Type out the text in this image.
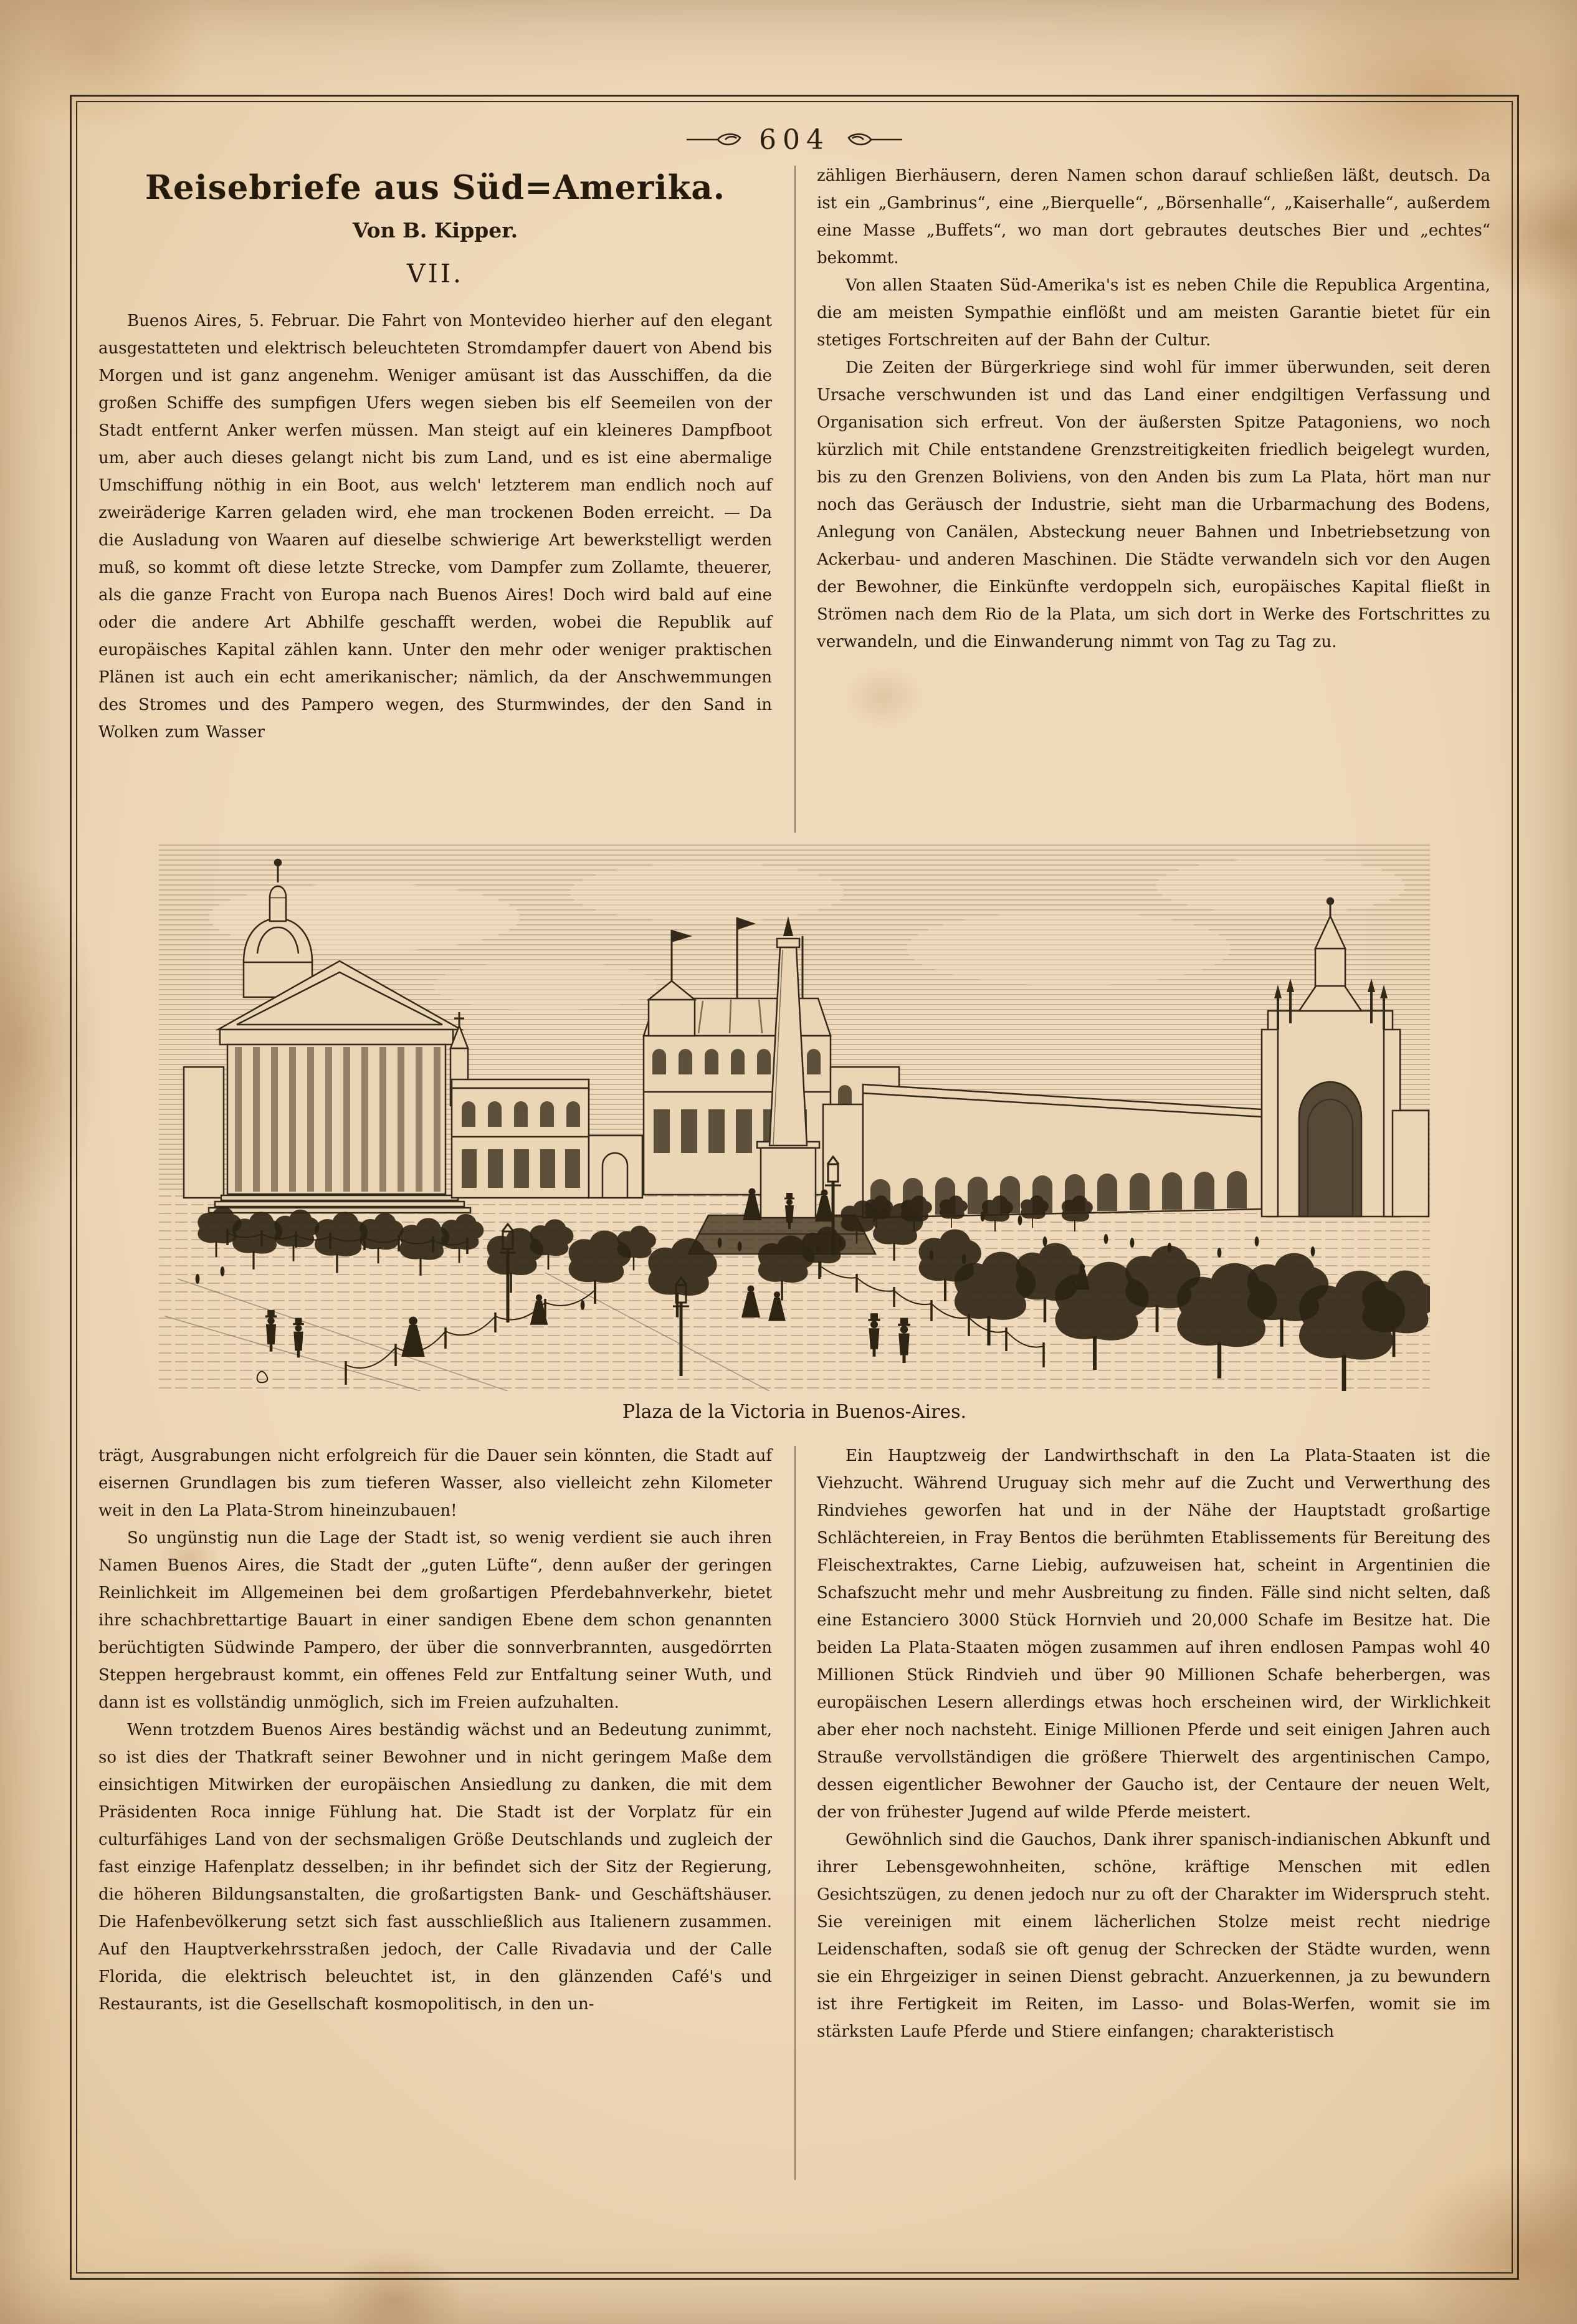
604
Reisebriefe aus Süd=Amerika.
Von B. Kipper.
VII.

Buenos Aires, 5. Februar. Die Fahrt von Montevideo hierher auf den elegant ausgestatteten und elektrisch beleuchteten Stromdampfer dauert von Abend bis Morgen und ist ganz angenehm. Weniger amüsant ist das Ausschiffen, da die großen Schiffe des sumpfigen Ufers wegen sieben bis elf Seemeilen von der Stadt entfernt Anker werfen müssen. Man steigt auf ein kleineres Dampfboot um, aber auch dieses gelangt nicht bis zum Land, und es ist eine abermalige Umschiffung nöthig in ein Boot, aus welch' letzterem man endlich noch auf zweiräderige Karren geladen wird, ehe man trockenen Boden erreicht. — Da die Ausladung von Waaren auf dieselbe schwierige Art bewerkstelligt werden muß, so kommt oft diese letzte Strecke, vom Dampfer zum Zollamte, theuerer, als die ganze Fracht von Europa nach Buenos Aires! Doch wird bald auf eine oder die andere Art Abhilfe geschafft werden, wobei die Republik auf europäisches Kapital zählen kann. Unter den mehr oder weniger praktischen Plänen ist auch ein echt amerikanischer; nämlich, da der Anschwemmungen des Stromes und des Pampero wegen, des Sturmwindes, der den Sand in Wolken zum Wasser

zähligen Bierhäusern, deren Namen schon darauf schließen läßt, deutsch. Da ist ein „Gambrinus“, eine „Bierquelle“, „Börsenhalle“, „Kaiserhalle“, außerdem eine Masse „Buffets“, wo man dort gebrautes deutsches Bier und „echtes“ bekommt.

Von allen Staaten Süd-Amerika's ist es neben Chile die Republica Argentina, die am meisten Sympathie einflößt und am meisten Garantie bietet für ein stetiges Fortschreiten auf der Bahn der Cultur.

Die Zeiten der Bürgerkriege sind wohl für immer überwunden, seit deren Ursache verschwunden ist und das Land einer endgiltigen Verfassung und Organisation sich erfreut. Von der äußersten Spitze Patagoniens, wo noch kürzlich mit Chile entstandene Grenzstreitigkeiten friedlich beigelegt wurden, bis zu den Grenzen Boliviens, von den Anden bis zum La Plata, hört man nur noch das Geräusch der Industrie, sieht man die Urbarmachung des Bodens, Anlegung von Canälen, Absteckung neuer Bahnen und Inbetriebsetzung von Ackerbau- und anderen Maschinen. Die Städte verwandeln sich vor den Augen der Bewohner, die Einkünfte verdoppeln sich, europäisches Kapital fließt in Strömen nach dem Rio de la Plata, um sich dort in Werke des Fortschrittes zu verwandeln, und die Einwanderung nimmt von Tag zu Tag zu.

Plaza de la Victoria in Buenos-Aires.

trägt, Ausgrabungen nicht erfolgreich für die Dauer sein könnten, die Stadt auf eisernen Grundlagen bis zum tieferen Wasser, also vielleicht zehn Kilometer weit in den La Plata-Strom hineinzubauen!

So ungünstig nun die Lage der Stadt ist, so wenig verdient sie auch ihren Namen Buenos Aires, die Stadt der „guten Lüfte“, denn außer der geringen Reinlichkeit im Allgemeinen bei dem großartigen Pferdebahnverkehr, bietet ihre schachbrettartige Bauart in einer sandigen Ebene dem schon genannten berüchtigten Südwinde Pampero, der über die sonnverbrannten, ausgedörrten Steppen hergebraust kommt, ein offenes Feld zur Entfaltung seiner Wuth, und dann ist es vollständig unmöglich, sich im Freien aufzuhalten.

Wenn trotzdem Buenos Aires beständig wächst und an Bedeutung zunimmt, so ist dies der Thatkraft seiner Bewohner und in nicht geringem Maße dem einsichtigen Mitwirken der europäischen Ansiedlung zu danken, die mit dem Präsidenten Roca innige Fühlung hat. Die Stadt ist der Vorplatz für ein culturfähiges Land von der sechsmaligen Größe Deutschlands und zugleich der fast einzige Hafenplatz desselben; in ihr befindet sich der Sitz der Regierung, die höheren Bildungsanstalten, die großartigsten Bank- und Geschäftshäuser. Die Hafenbevölkerung setzt sich fast ausschließlich aus Italienern zusammen. Auf den Hauptverkehrsstraßen jedoch, der Calle Rivadavia und der Calle Florida, die elektrisch beleuchtet ist, in den glänzenden Café's und Restaurants, ist die Gesellschaft kosmopolitisch, in den un-

Ein Hauptzweig der Landwirthschaft in den La Plata-Staaten ist die Viehzucht. Während Uruguay sich mehr auf die Zucht und Verwerthung des Rindviehes geworfen hat und in der Nähe der Hauptstadt großartige Schlächtereien, in Fray Bentos die berühmten Etablissements für Bereitung des Fleischextraktes, Carne Liebig, aufzuweisen hat, scheint in Argentinien die Schafszucht mehr und mehr Ausbreitung zu finden. Fälle sind nicht selten, daß eine Estanciero 3000 Stück Hornvieh und 20,000 Schafe im Besitze hat. Die beiden La Plata-Staaten mögen zusammen auf ihren endlosen Pampas wohl 40 Millionen Stück Rindvieh und über 90 Millionen Schafe beherbergen, was europäischen Lesern allerdings etwas hoch erscheinen wird, der Wirklichkeit aber eher noch nachsteht. Einige Millionen Pferde und seit einigen Jahren auch Strauße vervollständigen die größere Thierwelt des argentinischen Campo, dessen eigentlicher Bewohner der Gaucho ist, der Centaure der neuen Welt, der von frühester Jugend auf wilde Pferde meistert.

Gewöhnlich sind die Gauchos, Dank ihrer spanisch-indianischen Abkunft und ihrer Lebensgewohnheiten, schöne, kräftige Menschen mit edlen Gesichtszügen, zu denen jedoch nur zu oft der Charakter im Widerspruch steht. Sie vereinigen mit einem lächerlichen Stolze meist recht niedrige Leidenschaften, sodaß sie oft genug der Schrecken der Städte wurden, wenn sie ein Ehrgeiziger in seinen Dienst gebracht. Anzuerkennen, ja zu bewundern ist ihre Fertigkeit im Reiten, im Lasso- und Bolas-Werfen, womit sie im stärksten Laufe Pferde und Stiere einfangen; charakteristisch
